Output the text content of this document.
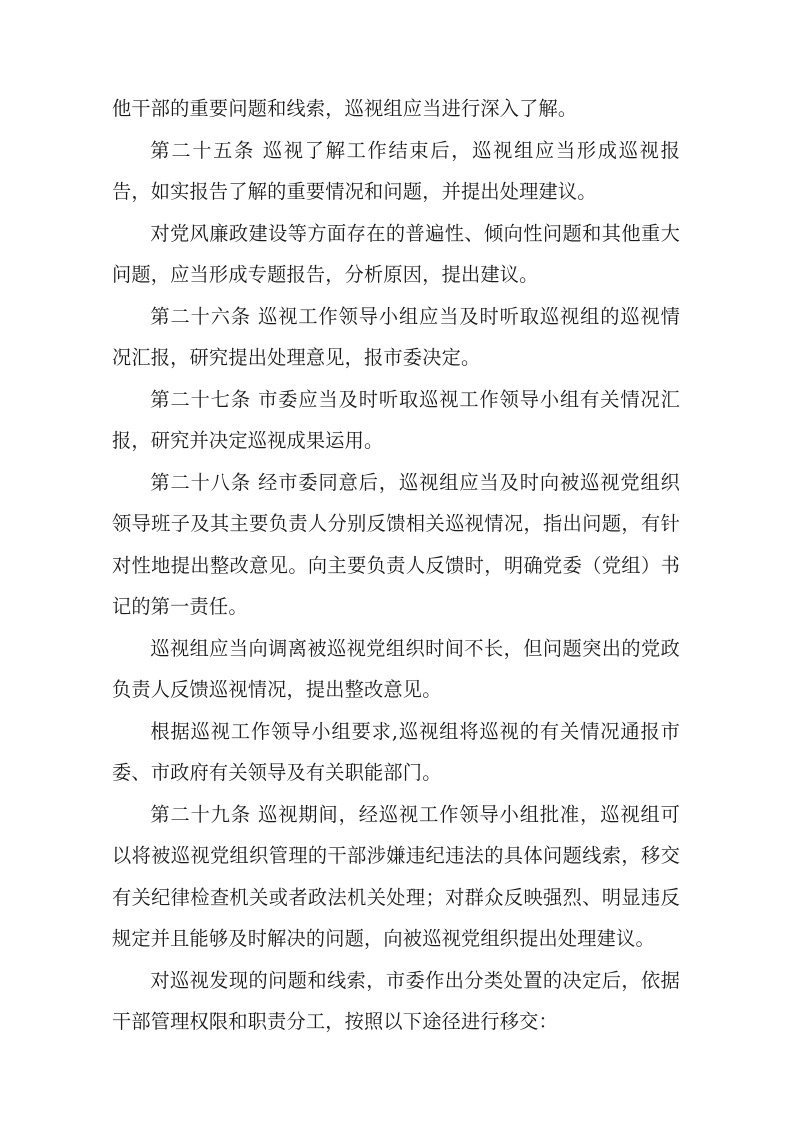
他干部的重要问题和线索，巡视组应当进行深入了解。

第二十五条 巡视了解工作结束后，巡视组应当形成巡视报告，如实报告了解的重要情况和问题，并提出处理建议。

对党风廉政建设等方面存在的普遍性、倾向性问题和其他重大问题，应当形成专题报告，分析原因，提出建议。

第二十六条 巡视工作领导小组应当及时听取巡视组的巡视情况汇报，研究提出处理意见，报市委决定。

第二十七条 市委应当及时听取巡视工作领导小组有关情况汇报，研究并决定巡视成果运用。

第二十八条 经市委同意后，巡视组应当及时向被巡视党组织领导班子及其主要负责人分别反馈相关巡视情况，指出问题，有针对性地提出整改意见。向主要负责人反馈时，明确党委（党组）书记的第一责任。

巡视组应当向调离被巡视党组织时间不长，但问题突出的党政负责人反馈巡视情况，提出整改意见。

根据巡视工作领导小组要求,巡视组将巡视的有关情况通报市委、市政府有关领导及有关职能部门。

第二十九条 巡视期间，经巡视工作领导小组批准，巡视组可以将被巡视党组织管理的干部涉嫌违纪违法的具体问题线索，移交有关纪律检查机关或者政法机关处理；对群众反映强烈、明显违反规定并且能够及时解决的问题，向被巡视党组织提出处理建议。

对巡视发现的问题和线索，市委作出分类处置的决定后，依据干部管理权限和职责分工，按照以下途径进行移交：
